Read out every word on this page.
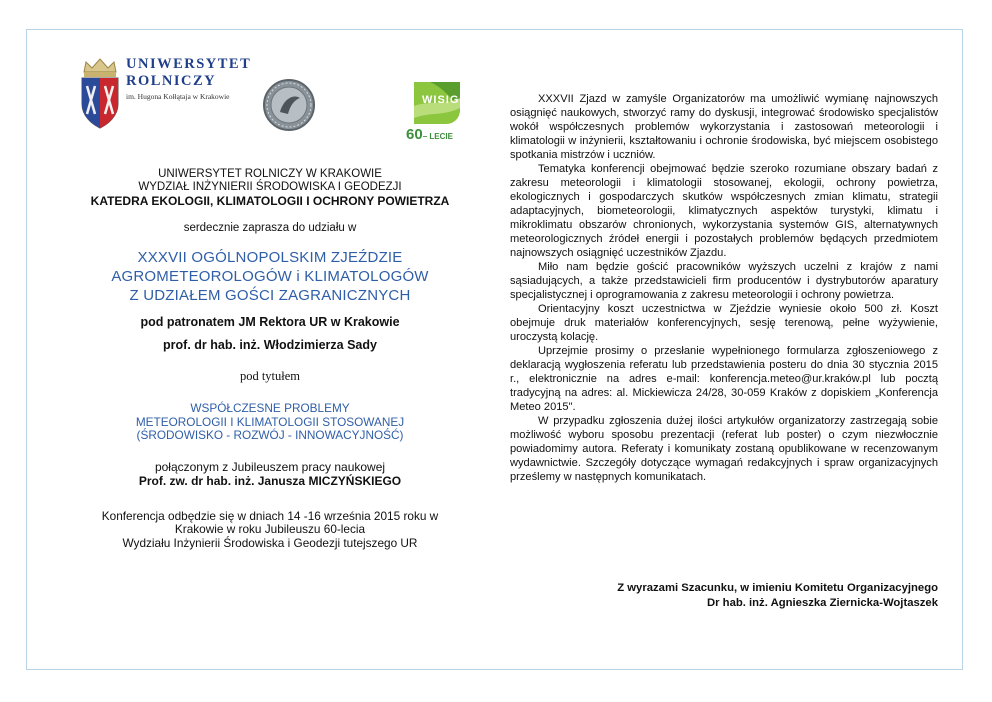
UNIWERSYTET
ROLNICZY
im. Hugona Kołłątaja w Krakowie	WISIG
60– LECIE
UNIWERSYTET ROLNICZY W KRAKOWIE
WYDZIAŁ INŻYNIERII ŚRODOWISKA I GEODEZJI
KATEDRA EKOLOGII, KLIMATOLOGII I OCHRONY POWIETRZA
serdecznie zaprasza do udziału w
XXXVII OGÓLNOPOLSKIM ZJEŹDZIE
AGROMETEOROLOGÓW i KLIMATOLOGÓW
Z UDZIAŁEM GOŚCI ZAGRANICZNYCH
pod patronatem JM Rektora UR w Krakowie
prof. dr hab. inż. Włodzimierza Sady
pod tytułem
WSPÓŁCZESNE PROBLEMY
METEOROLOGII I KLIMATOLOGII STOSOWANEJ
(ŚRODOWISKO - ROZWÓJ - INNOWACYJNOŚĆ)
połączonym z Jubileuszem pracy naukowej
Prof. zw. dr hab. inż. Janusza MICZYŃSKIEGO
Konferencja odbędzie się w dniach 14 -16 września 2015 roku w
Krakowie w roku Jubileuszu 60-lecia
Wydziału Inżynierii Środowiska i Geodezji tutejszego UR

XXXVII Zjazd w zamyśle Organizatorów ma umożliwić wymianę najnowszych osiągnięć naukowych, stworzyć ramy do dyskusji, integrować środowisko specjalistów wokół współczesnych problemów wykorzystania i zastosowań meteorologii i klimatologii w inżynierii, kształtowaniu i ochronie środowiska, być miejscem osobistego spotkania mistrzów i uczniów.

Tematyka konferencji obejmować będzie szeroko rozumiane obszary badań z zakresu meteorologii i klimatologii stosowanej, ekologii, ochrony powietrza, ekologicznych i gospodarczych skutków współczesnych zmian klimatu, strategii adaptacyjnych, biometeorologii, klimatycznych aspektów turystyki, klimatu i mikroklimatu obszarów chronionych, wykorzystania systemów GIS, alternatywnych meteorologicznych źródeł energii i pozostałych problemów będących przedmiotem najnowszych osiągnięć uczestników Zjazdu.

Miło nam będzie gościć pracowników wyższych uczelni z krajów z nami sąsiadujących, a także przedstawicieli firm producentów i dystrybutorów aparatury specjalistycznej i oprogramowania z zakresu meteorologii i ochrony powietrza.

Orientacyjny koszt uczestnictwa w Zjeździe wyniesie około 500 zł. Koszt obejmuje druk materiałów konferencyjnych, sesję terenową, pełne wyżywienie, uroczystą kolację.

Uprzejmie prosimy o przesłanie wypełnionego formularza zgłoszeniowego z deklaracją wygłoszenia referatu lub przedstawienia posteru do dnia 30 stycznia 2015 r., elektronicznie na adres e-mail: konferencja.meteo@ur.kraków.pl lub pocztą tradycyjną na adres: al. Mickiewicza 24/28, 30-059 Kraków z dopiskiem „Konferencja Meteo 2015".

W przypadku zgłoszenia dużej ilości artykułów organizatorzy zastrzegają sobie możliwość wyboru sposobu prezentacji (referat lub poster) o czym niezwłocznie powiadomimy autora. Referaty i komunikaty zostaną opublikowane w recenzowanym wydawnictwie. Szczegóły dotyczące wymagań redakcyjnych i spraw organizacyjnych prześlemy w następnych komunikatach.

Z wyrazami Szacunku, w imieniu Komitetu Organizacyjnego
Dr hab. inż. Agnieszka Ziernicka-Wojtaszek
